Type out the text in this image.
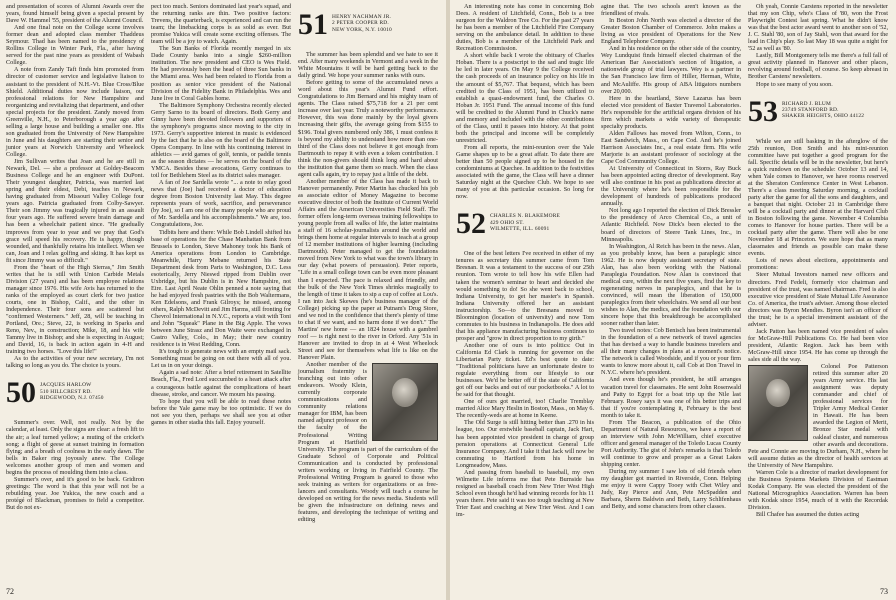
and presentation of scores of Alumni Awards over the years, found himself being given a special present by Dave W. Hammel '55, president of the Alumni Council.

And one final note on the College scene involves former dean and adopted class member Thaddeus Seymour. Thad has been named to the presidency of Rollins College in Winter Park, Fla., after having served for the past nine years as president of Wabash College.

A note from Zandy Taft finds him promoted from director of customer service and legislative liaison to assistant to the president of N.H.-Vt. Blue Cross/Blue Shield. Additional duties now include liaison, our professional relations for New Hampshire and reorganizing and revitalizing that department, and other special projects for the president. Zandy moved from Greenville, N.H., to Peterborough a year ago after selling a large house and building a smaller one. His son graduated from the University of New Hampshire in June and his daughters are starting their senior and junior years at Norwich University and Wheelock College.

Jim Sullivan writes that Joan and he are still in Newark, Del. — she a professor at Goldey-Beacom Business College and he an engineer with DuPont. Their youngest daughter, Patricia, was married last spring and their eldest, Debi, teaches in Newark, having graduated from Missouri Valley College four years ago. Patricia graduated from Colby-Sawyer. Their son Jimmy was tragically injured in an assault four years ago. He suffered severe brain damage and has been a wheelchair patient since. "He gradually improves from year to year and we pray that God's grace will speed his recovery. He is happy, though wounded, and thankfully retains his intellect. When we can, Joan and I relax golfing and skiing. It has kept us fit since Jimmy was so difficult."

From the "heart of the High Sierras," Jim Smith writes that he is still with Union Carbide Metals Division (27 years) and has been employee relations manager since 1976. His wife Avis has returned to the ranks of the employed as court clerk for two justice courts, one in Bishop, Calif., and the other in Independence. Their four sons are scattered but "confirmed Westerners." Jeff, 28, will be teaching in Portland, Ore.; Steve, 22, is working in Sparks and Reno, Nev., in construction; Mike, 18, and his wife Tammy live in Bishop; and she is expecting in August; and David, 16, is back in action again in 4-H and training two horses. "Love this life!"

As to the activities of your new secretary, I'm not talking so long as you do. The choice is yours.

50 JACQUES HARLOW
510 HILLCREST RD.
RIDGEWOOD, N.J. 07450

Summer's over. Well, not really. Not by the calendar, at least. Only the signs are clear: a fresh lift to the air; a leaf turned yellow; a muting of the cricket's song; a flight of geese at sunset training in formation flying; and a breath of coolness in the early dawn. The bells in Baker ring joyously anew. The College welcomes another group of men and women and begins the process of moulding them into a class.

Summer's over, and it's good to be back. Gridiron greetings: The word is that this year will not be a rebuilding year. Joe Yukica, the new coach and a protégé of Blackman, promises to field a competitor. But do not ex-

pect too much. Seniors dominated last year's squad, and the returning ranks are thin. Two positive factors: Trevens, the quarterback, is experienced and can run the team; the linebacking corps is as solid as ever. But promise Yukica will create some exciting offenses. The team will be a joy to watch. Again.

The Sun Banks of Florida recently merged in six Dade County banks into a single $260-million institution. The new president and CEO is Wes Field. He had previously been the head of three Sun banks in the Miami area. Wes had been related to Florida from a position as senior vice president of the National Division of the Fidelity Bank in Philadelphia. Wes and June live in Coral Gables home.

The Baltimore Symphony Orchestra recently elected Gerry Sarno to its board of directors. Both Gerry and Ginny have been devoted followers and supporters of the symphony's programs since moving to the city in 1973. Gerry's supportive interest in music is evidenced by the fact that he is also on the board of the Baltimore Opera Company. In line with his continuing interest in athletics — avid games of golf, tennis, or paddle tennis as the season dictates — he serves on the board of the YMCA. Besides these avocations, Gerry continues to toil for Bethlehem Steel as its district sales manager.

A fan of Joe Sardella wrote "... a note to relay good news that (Joe) had received a doctor of education degree from Boston University last May. This degree represents years of work, sacrifice, and perseverance (by Joe), so I am one of the many people who are proud of Mr. Sardella and his accomplishments." We are, too. Congratulations, Joe.

Tidbits here and there: While Bob Lindell shifted his base of operations for the Chase Manhattan Bank from Brussels to London, Steve Mahoney took his Bank of America operations from London to Cambridge. Meanwhile, Harry Mebane returned his State Department desk from Paris to Washington, D.C. Less esoterically, Jerry Nieswd ripped from Dublin over Uxbridge, but his Dublin is in New Hampshire, not Eire. Last April Neate Ohlin penned a note saying that he had enjoyed fresh pastries with the Bob Waltermans, Ken Edelsons, and Frank Gilroys; he missed, among others, Ralph McDevitt and Jim Harms, still fronting for Chevrol International in N.Y.C., reports a visit with Toni and John "Squeak" Plane in the Big Apple. The vows between June Strasz and Don Waite were exchanged in Castro Valley, Colo., in May; their new country residence is in West Redding, Conn.

It's tough to generate news with an empty mail sack. Something must be going on out there with all of you. Let us in on your doings.

Again a sad note: After a brief retirement in Satellite Beach, Fla., Fred Lord succumbed to a heart attack after a courageous battle against the complications of heart disease, stroke, and cancer. We mourn his passing.

To hope that you will be able to read these notes before the Yale game may be too optimistic. If we do not see you then, perhaps we shall see you at other games in other stadia this fall. Enjoy yourself.

51 HENRY NACHMAN JR.
2 PETER COOPER RD.
NEW YORK, N.Y. 10010

The summer has been splendid and we hate to see it end. After many weekends in Vermont and a week in the White Mountains it will be hard getting back to the daily grind. We hope your summer ranks with ours.

Before getting to some of the accumulated news a word about this year's Alumni Fund effort. Congratulations to Jim Bernard and his mighty team of agents. The Class raised $75,718 for a 21 per cent increase over last year. Truly a noteworthy performance. However, this was done mainly by the loyal givers increasing their gifts, the average going from $155 to $196. Total givers numbered only 386, 1 must confess it is beyond my ability to understand how more than one-third of the Class does not believe it got enough from Dartmouth to repay it with even a token contribution. I think the non-givers should think long and hard about the institution that game them so much. When the class agent calls again, try to repay just a little of the debt.

Another member of the Class has made it back to Hanover permanently. Peter Martin has chucked his job as associate editor of Money Magazine to become executive director of both the Institute of Current World Affairs and the American Universities Field Staff. The former offers long-term overseas training fellowships to young people from all walks of life, the latter maintains a staff of 16 scholar-journalists around the world and brings them home at regular intervals to teach at a group of 12 member institutions of higher learning (including Dartmouth). Peter managed to get the foundations moved from New York to what was the town's library in our day (what powers of persuasion). Peter reports, "Life in a small college town can be even more pleasant than I expected. The pace is relaxed and friendly, and the bulk of the New York Times shrinks magically to the length of time it takes to sip a cup of coffee at Lou's. I ran into Jack Skewes (he's business manager of the College) picking up the paper at Putnam's Drug Store, and we nod in the confidence that there's plenty of time to chat if we want, and no harm done if we don't." The Martins' new home — an 1824 house with a gambrel roof — is right next to the river in Orford. Any '51s in Hanover are invited to drop in at 4 West Wheelock Street and see for themselves what life is like on the Hanover Plain.

Another member of the journalism fraternity is branching out into other endeavors. Woody Klein, currently corporate communications and community relations manager for IBM, has been named adjunct professor on the faculty of the Professional Writing Program at Hartfield University. The program is part of the curriculum of the Graduate School of Corporate and Political Communication and is conducted by professional writers working or living in Fairfield County. The Professional Writing Program is geared to those who seek training as writers for organizations or as free-lancers and consultants. Woody will teach a course he developed on writing for the news media. Students will be given the infrastructure on defining news and features, and developing the technique of writing and editing

72

An interesting note has come in concerning Bob Dees. A resident of Litchfield, Conn., Bob is a tree surgeon for the Waldron Tree Co. For the past 27 years he has been a member of the Litchfield Fire Company serving on the ambulance detail. In addition to these duties, Bob is a member of the Litchfield Park and Recreation Commission.

A short while back I wrote the obituary of Charles Hoban. There is a postscript to the sad and tragic life he led in later years. On May 9 the College received the cash proceeds of an insurance policy on his life in the amount of $5,767. That bequest, which has been credited to the Class of 1951, has been utilized to establish a quasi-endowment fund, the Charles O. Hoban Jr. 1951 Fund. The annual income of this fund will be credited to the Alumni Fund in Chuck's name and memory and included with the other contributions of the Class, until it passes into history. At that point both the principal and income will be completely unrestricted.

From all reports, the mini-reunion over the Yale Game shapes up to be a great affair. To date there are better than 50 people signed up to be housed in the condominiums at Quechee. In addition to the festivities associated with the game, the Class will have a dinner Saturday night at the Quechee Club. We hope to see many of you at this particular occasion. So long for now.

52 CHARLES N. BLAKEMORE
429 OHIO ST.
WILMETTE, ILL. 60091

One of the best letters I've received in either of my tenures as secretary this summer came from Tom Bresnan. It was a testament to the success of our 25th reunion. Tom wrote to tell how his wife Ellen had taken the women's seminar to heart and decided she would something to do! So she went back to school, Indiana University, to get her master's in Spanish. Indiana University offered her an assistant instructorship. So—to the Bresnans moved to Bloomington (location of university) and now Tom commutes to his business in Indianapolis. He does add that his appliance manufacturing business continues to prosper and "grow in direct proportion to my girth."

Another one of ours is into politics: Out in California Ed Clark is running for governor on the Libertarian Party ticket. Ed's best quote to date: "Traditional politicians have an unfortunate desire to regulate everything from our lifestyle to our businesses. We'd be better off if the state of California got off our backs and out of our pocketbooks." A lot to be said for that thought.

One of ours got married, too! Charlie Tremblay married Alice Mary Heslin in Boston, Mass., on May 6. The recently-weds are at home in Keene.

The Old Surge is still hitting better than .270 in his league, too. Our erstwhile baseball captain, Jack Hart, has been appointed vice president in charge of group pension operations at Connecticut General Life Insurance Company. And I take it that Jack will now be commuting to Hartford from his home in Longmeadow, Mass.

And passing from baseball to baseball, my own Wilmette Life informs me that Pete Burnside has resigned as baseball coach from New Trier West High School even though he'd had winning records for his 11 years there. Pete said it was too tough teaching at New Trier East and coaching at New Trier West. And I can im-

agine that. The two schools aren't known as the friendliest of rivals.

In Boston John North was elected a director of the Greater Boston Chamber of Commerce. John makes a living as vice president of Operations for the New England Telephone Company.

And in his residence on the other side of the country, Wey Lundquist finds himself elected chairman of the American Bar Association's section of litigation, a nationwide group of trial lawyers. Wey is a partner in the San Francisco law firm of Hiller, Herman, White, and McAuliffe. His group of ABA litigators numbers over 20,000.

Here in the heartland, Steve Lazarus has been elected vice president of Baxter Travenol Laboratories. He's responsible for the artificial organs division of his firm which markets a wide variety of therapeutic specialty products.

Alden Fallows has moved from Wilton, Conn., to East Sandwich, Mass., on Cape Cod. And he's joined Harrison Associates Inc., a real estate firm. His wife Marjorie is an assistant professor of sociology at the Cape Cod Community College.

At University of Connecticut in Storrs, Ray Buck has been appointed acting director of development. Ray will also continue in his post as publications director at the University where he's been responsible for the development of hundreds of publications produced annually.

Not long ago I reported the election of Dick Bressler to the presidency of Arco Chemical Co., a unit of Atlantic Richfield. Now Dick's been elected to the board of directors of Steere Tank Lines, Inc., in Minneapolis.

In Washington, Al Reich has been in the news. Alan, as you probably know, has been a paraplegic since 1962. He is now deputy assistant secretary of state. Alan, has also been working with the National Paraplegia Foundation. Now Alan is convinced that medical cure, within the next five years, find the key to regenerating nerves in paraplegics, and that he is convinced, will mean the liberation of 150,000 paraplegics from their wheelchairs. We send all our best wishes to Alan, the medics, and the foundation with our sincere hope that this breakthrough be accomplished sooner rather than later.

Two travel notes: Cob Benisch has been instrumental in the foundation of a new network of travel agencies that has devised a way to handle business travelers and all their many changes in plans at a moment's notice. The network is called Woodside, and if you or your firm wants to know more about it, call Cob at Don Travel in N.Y.C. where he's president.

And even though he's president, he still arranges vacation travel for classmates. He sent John Rosenwald and Patty to Egypt for a boat trip up the Nile last February. Rosey says it was one of his better trips and that if you're contemplating it, February is the best month to take it.

From The Beacon, a publication of the Ohio Department of Natural Resources, we have a report of an interview with John McWilliam, chief executive officer and general manager of the Toledo Lucas County Port Authority. The gist of John's remarks is that Toledo will continue to grow and prosper as a Great Lakes shipping center.

During my summer I saw lots of old friends when my daughter got married in Riverside, Conn. Helping me enjoy it were Cappy Tooey with Chet Wiley and Judy, Ray Pierce and Ann, Pete McSpadden and Barbara, Sherm Baldwin and Beth, Larry Schlifenhaus and Betty, and some characters from other classes.

Oh yeah, Connie Carstens reported in the newsletter that my son Chip, who's Class of '80, won the Frost Playwright Contest last spring. What he didn't know was that the best actor award went to another son of '52, J. C. Stahl '80, son of Jay Stahl, won that award for the lead in Chip's play. So last May 18 was quite a night for '52 as well as '80.

Lastly, Bill Montgomery tells me there's a full fall of great activity planned in Hanover and other places, revolving around football, of course. So keep abreast in Brother Carstens' newsletters.

Hope to see many of you soon.

53 RICHARD J. BLUM
23749 STANFORD RD.
SHAKER HEIGHTS, OHIO 44122

While we are still basking in the afterglow of the 25th reunion, Don Smith and his mini-reunion committee have put together a good program for the fall. Specific details will be in the newsletter, but here's a quick rundown on the schedule: October 13 and 14, when Yale comes to Hanover, we have rooms reserved at the Sheraton Conference Center in West Lebanon. There's a class meeting Saturday morning, a cocktail party after the game for all the sons and daughters, and a banquet that night. October 21 in Cambridge there will be a cocktail party and dinner at the Harvard Club in Boston following the game. November 4 Columbia comes to Hanover for house parties. There will be a cocktail party after the game. There will also be one November 18 at Princeton. We sure hope that as many classmates and friends as possible can make these events.

Lots of news about elections, appointments and promotions:

Steer Mutual Investors named new officers and directors. Fred Fedeli, formerly vice chairman and president of the trust, was named chairman. Fred is also executive vice president of State Mutual Life Assurance Co. of America, the trust's adviser. Among those elected directors was Byron Mendies. Byron isn't an officer of the trust; he is a special investment assistant of the adviser.

Jack Patton has been named vice president of sales for McGraw-Hill Publications Co. He had been vice president, Atlantic Region. Jack has been with McGraw-Hill since 1954. He has come up through the sales side all the way.

Colonel Poe Patterson retired this summer after 20 years Army service. His last assignment was deputy commander and chief of professional services for Tripler Army Medical Center in Hawaii. He has been awarded the Legion of Merit, Bronze Star medal with oakleaf cluster, and numerous other awards and decorations. Pete and Connie are moving to Durham, N.H., where he will assume duties as the director of health services at the University of New Hampshire.

Warren Cole is a director of market development for the Business Systems Markets Division of Eastman Kodak Company. He was elected the president of the National Micrographics Association. Warren has been with Kodak since 1954, much of it with the Recordak Division.

Bill Chafee has assumed the duties acting

73
